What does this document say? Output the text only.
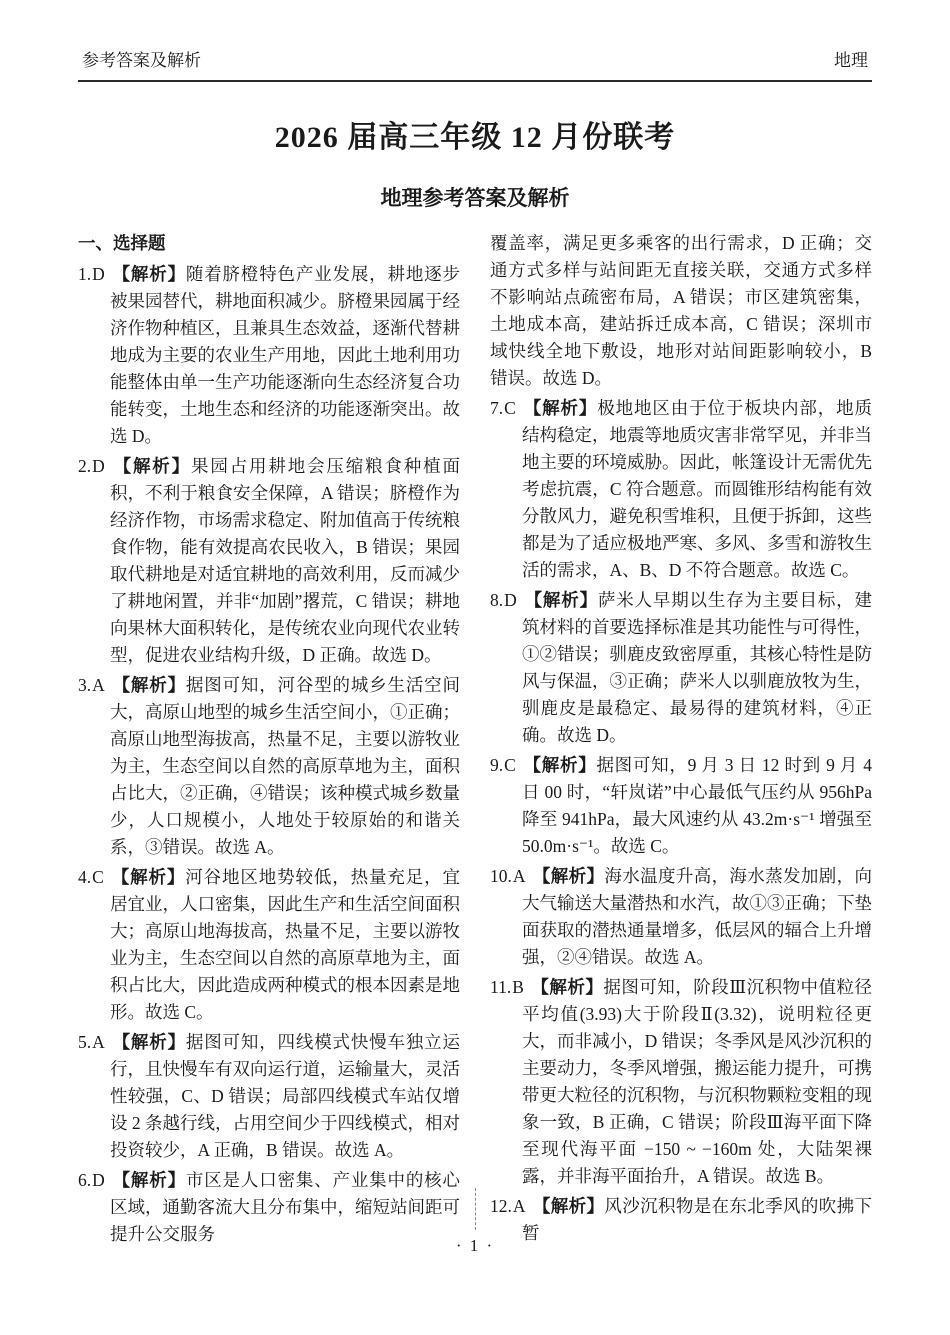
参考答案及解析	地理
2026 届高三年级 12 月份联考
地理参考答案及解析

一、选择题

1.D 【解析】随着脐橙特色产业发展，耕地逐步被果园替代，耕地面积减少。脐橙果园属于经济作物种植区，且兼具生态效益，逐渐代替耕地成为主要的农业生产用地，因此土地利用功能整体由单一生产功能逐渐向生态经济复合功能转变，土地生态和经济的功能逐渐突出。故选 D。

2.D 【解析】果园占用耕地会压缩粮食种植面积，不利于粮食安全保障，A 错误；脐橙作为经济作物，市场需求稳定、附加值高于传统粮食作物，能有效提高农民收入，B 错误；果园取代耕地是对适宜耕地的高效利用，反而减少了耕地闲置，并非“加剧”撂荒，C 错误；耕地向果林大面积转化，是传统农业向现代农业转型，促进农业结构升级，D 正确。故选 D。

3.A 【解析】据图可知，河谷型的城乡生活空间大，高原山地型的城乡生活空间小，①正确；高原山地型海拔高，热量不足，主要以游牧业为主，生态空间以自然的高原草地为主，面积占比大，②正确，④错误；该种模式城乡数量少，人口规模小，人地处于较原始的和谐关系，③错误。故选 A。

4.C 【解析】河谷地区地势较低，热量充足，宜居宜业，人口密集，因此生产和生活空间面积大；高原山地海拔高，热量不足，主要以游牧业为主，生态空间以自然的高原草地为主，面积占比大，因此造成两种模式的根本因素是地形。故选 C。

5.A 【解析】据图可知，四线模式快慢车独立运行，且快慢车有双向运行道，运输量大，灵活性较强，C、D 错误；局部四线模式车站仅增设 2 条越行线，占用空间少于四线模式，相对投资较少，A 正确，B 错误。故选 A。

6.D 【解析】市区是人口密集、产业集中的核心区域，通勤客流大且分布集中，缩短站间距可提升公交服务

覆盖率，满足更多乘客的出行需求，D 正确；交通方式多样与站间距无直接关联，交通方式多样不影响站点疏密布局，A 错误；市区建筑密集，土地成本高，建站拆迁成本高，C 错误；深圳市域快线全地下敷设，地形对站间距影响较小，B 错误。故选 D。

7.C 【解析】极地地区由于位于板块内部，地质结构稳定，地震等地质灾害非常罕见，并非当地主要的环境威胁。因此，帐篷设计无需优先考虑抗震，C 符合题意。而圆锥形结构能有效分散风力，避免积雪堆积，且便于拆卸，这些都是为了适应极地严寒、多风、多雪和游牧生活的需求，A、B、D 不符合题意。故选 C。

8.D 【解析】萨米人早期以生存为主要目标，建筑材料的首要选择标准是其功能性与可得性，①②错误；驯鹿皮致密厚重，其核心特性是防风与保温，③正确；萨米人以驯鹿放牧为生，驯鹿皮是最稳定、最易得的建筑材料，④正确。故选 D。

9.C 【解析】据图可知，9 月 3 日 12 时到 9 月 4 日 00 时，“轩岚诺”中心最低气压约从 956hPa 降至 941hPa，最大风速约从 43.2m·s⁻¹ 增强至 50.0m·s⁻¹。故选 C。

10.A 【解析】海水温度升高，海水蒸发加剧，向大气输送大量潜热和水汽，故①③正确；下垫面获取的潜热通量增多，低层风的辐合上升增强，②④错误。故选 A。

11.B 【解析】据图可知，阶段Ⅲ沉积物中值粒径平均值(3.93)大于阶段Ⅱ(3.32)，说明粒径更大，而非减小，D 错误；冬季风是风沙沉积的主要动力，冬季风增强，搬运能力提升，可携带更大粒径的沉积物，与沉积物颗粒变粗的现象一致，B 正确，C 错误；阶段Ⅲ海平面下降至现代海平面 −150 ~ −160m 处，大陆架裸露，并非海平面抬升，A 错误。故选 B。

12.A 【解析】风沙沉积物是在东北季风的吹拂下暂

· 1 ·
